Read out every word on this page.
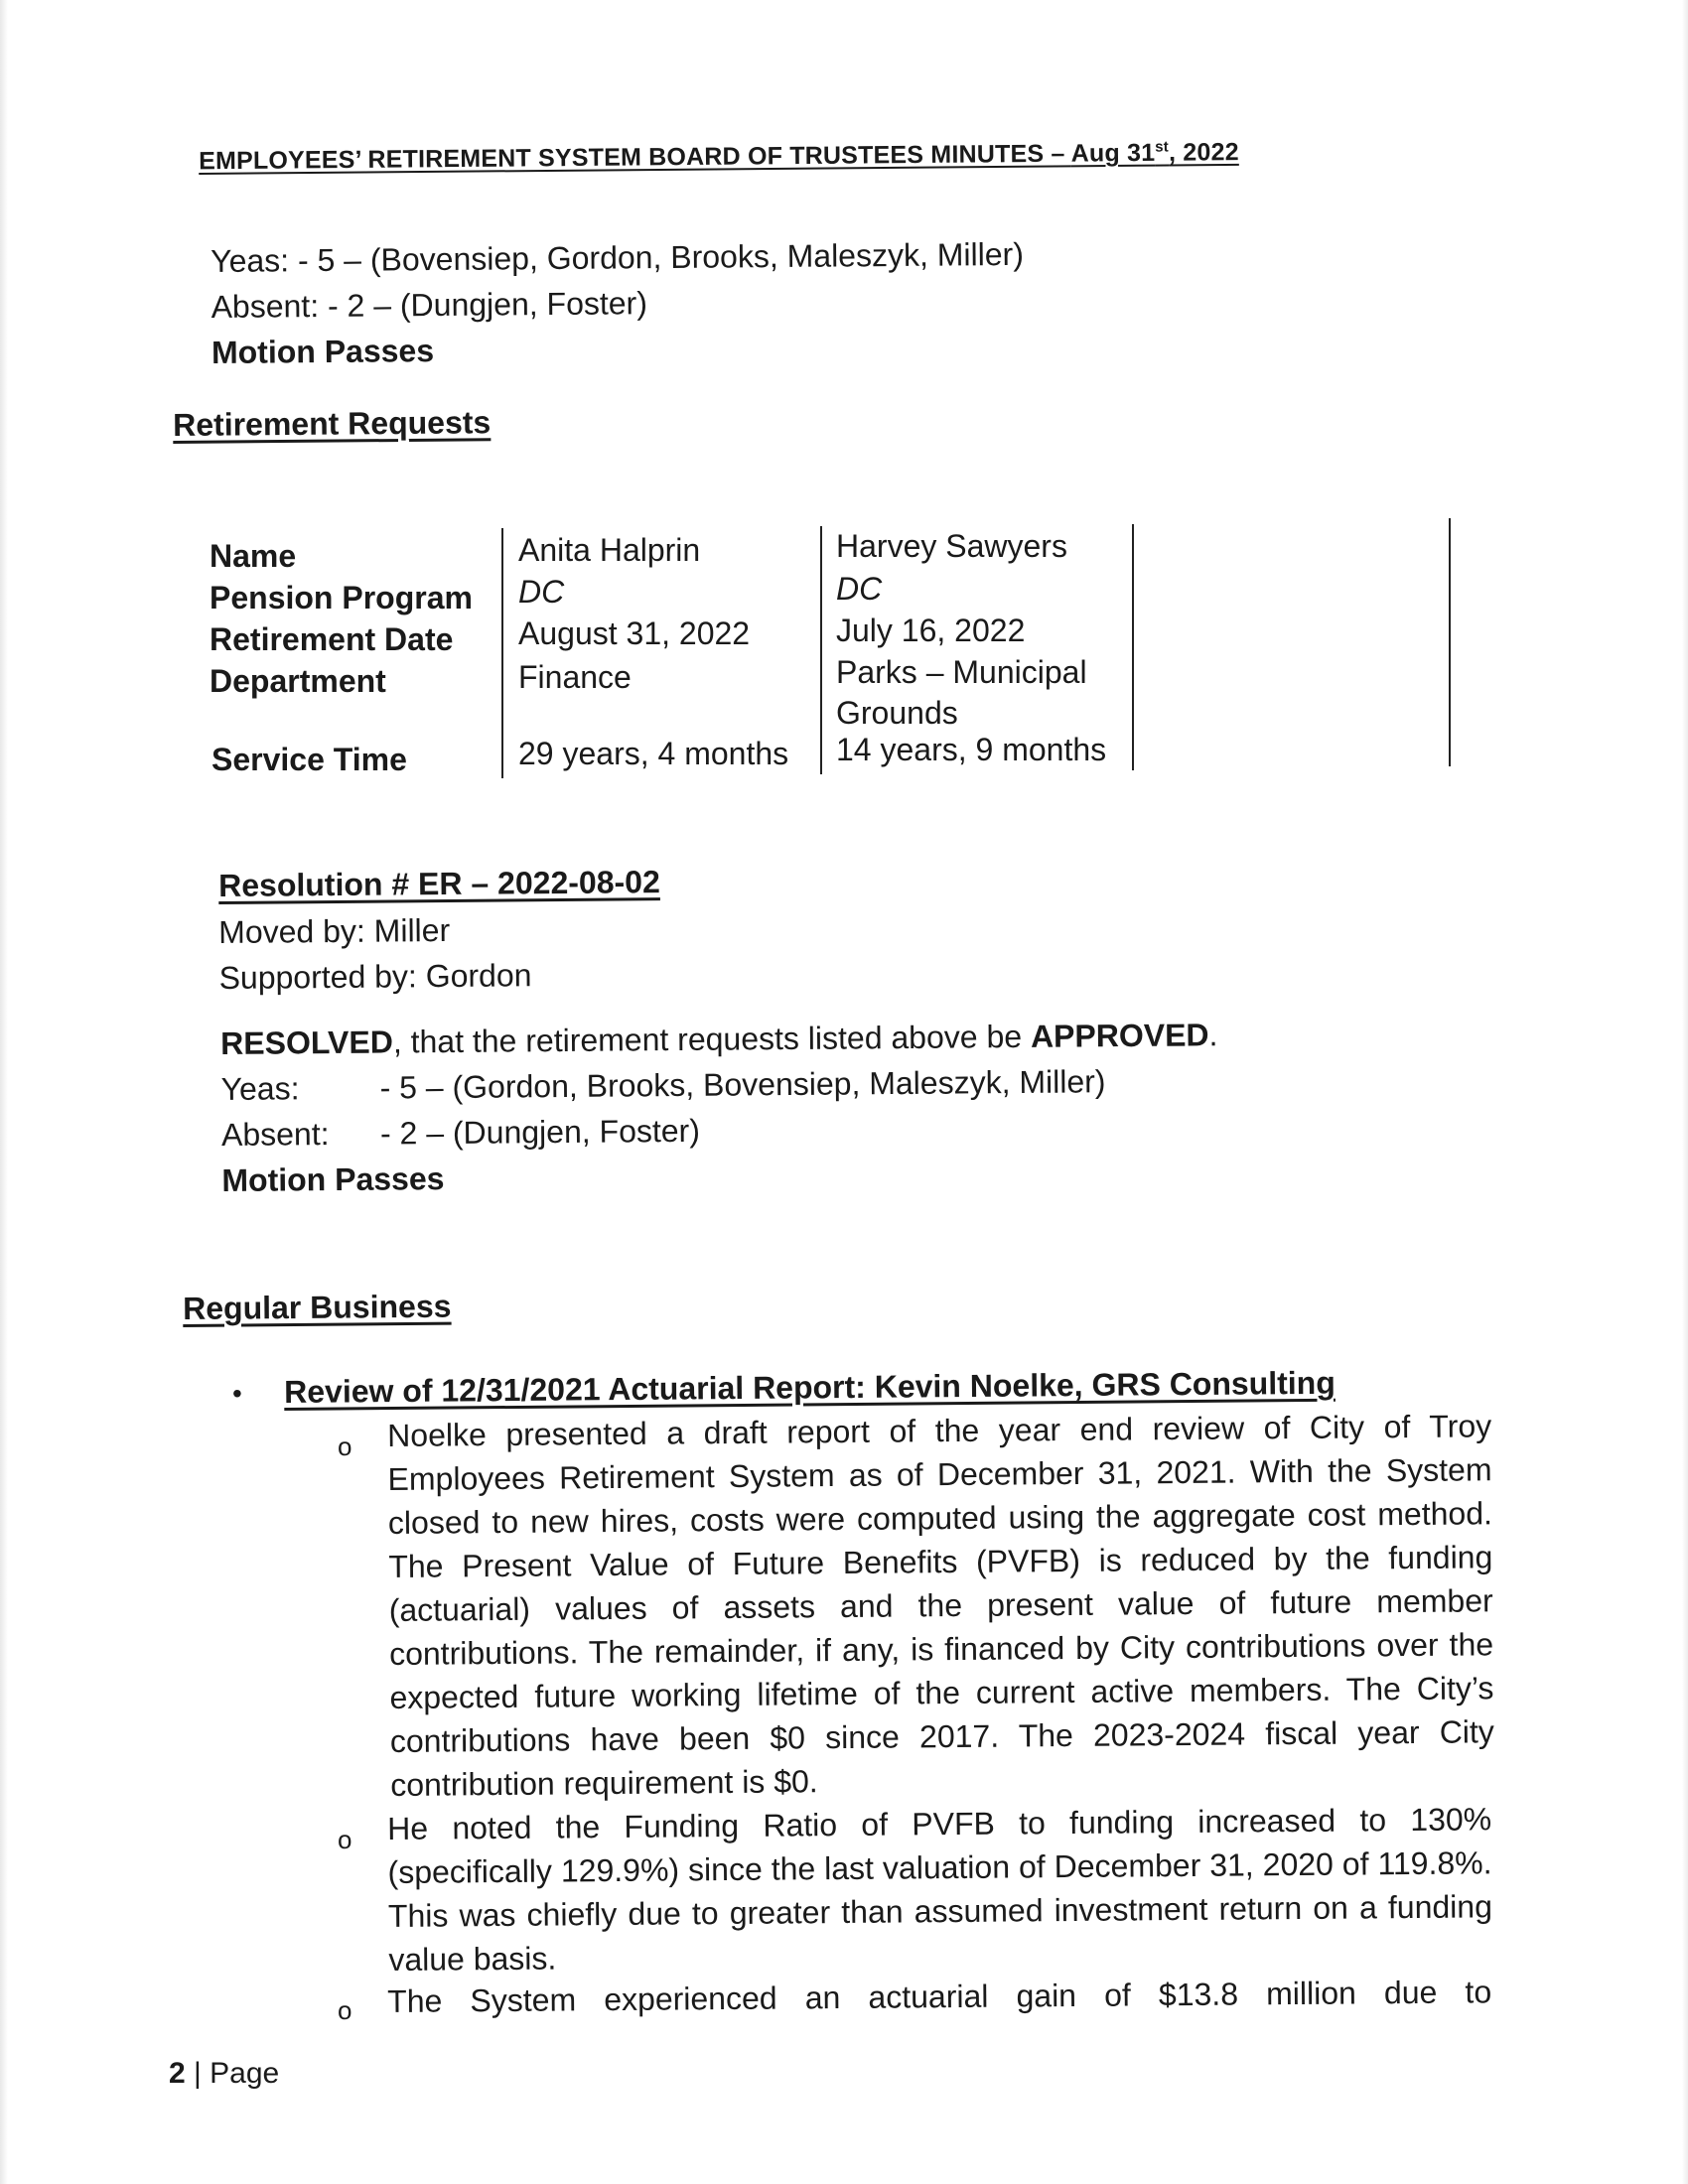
EMPLOYEES’ RETIREMENT SYSTEM BOARD OF TRUSTEES MINUTES – Aug 31st, 2022
Yeas: - 5 – (Bovensiep, Gordon, Brooks, Maleszyk, Miller)
Absent: - 2 – (Dungjen, Foster)
Motion Passes
Retirement Requests
Name
Pension Program
Retirement Date
Department
Service Time
Anita Halprin
DC
August 31, 2022
Finance
29 years, 4 months
Harvey Sawyers
DC
July 16, 2022
Parks – Municipal
Grounds
14 years, 9 months
Resolution # ER – 2022-08-02
Moved by: Miller
Supported by: Gordon
RESOLVED, that the retirement requests listed above be APPROVED.
Yeas:	- 5 – (Gordon, Brooks, Bovensiep, Maleszyk, Miller)
Absent: - 2 – (Dungjen, Foster)
Motion Passes
Regular Business
• Review of 12/31/2021 Actuarial Report: Kevin Noelke, GRS Consulting
o Noelke presented a draft report of the year end review of City of Troy Employees Retirement System as of December 31, 2021. With the System closed to new hires, costs were computed using the aggregate cost method. The Present Value of Future Benefits (PVFB) is reduced by the funding (actuarial) values of assets and the present value of future member contributions. The remainder, if any, is financed by City contributions over the expected future working lifetime of the current active members. The City’s contributions have been $0 since 2017. The 2023-2024 fiscal year City contribution requirement is $0.
o He noted the Funding Ratio of PVFB to funding increased to 130% (specifically 129.9%) since the last valuation of December 31, 2020 of 119.8%. This was chiefly due to greater than assumed investment return on a funding value basis.
o The System experienced an actuarial gain of $13.8 million due to
2 | Page
